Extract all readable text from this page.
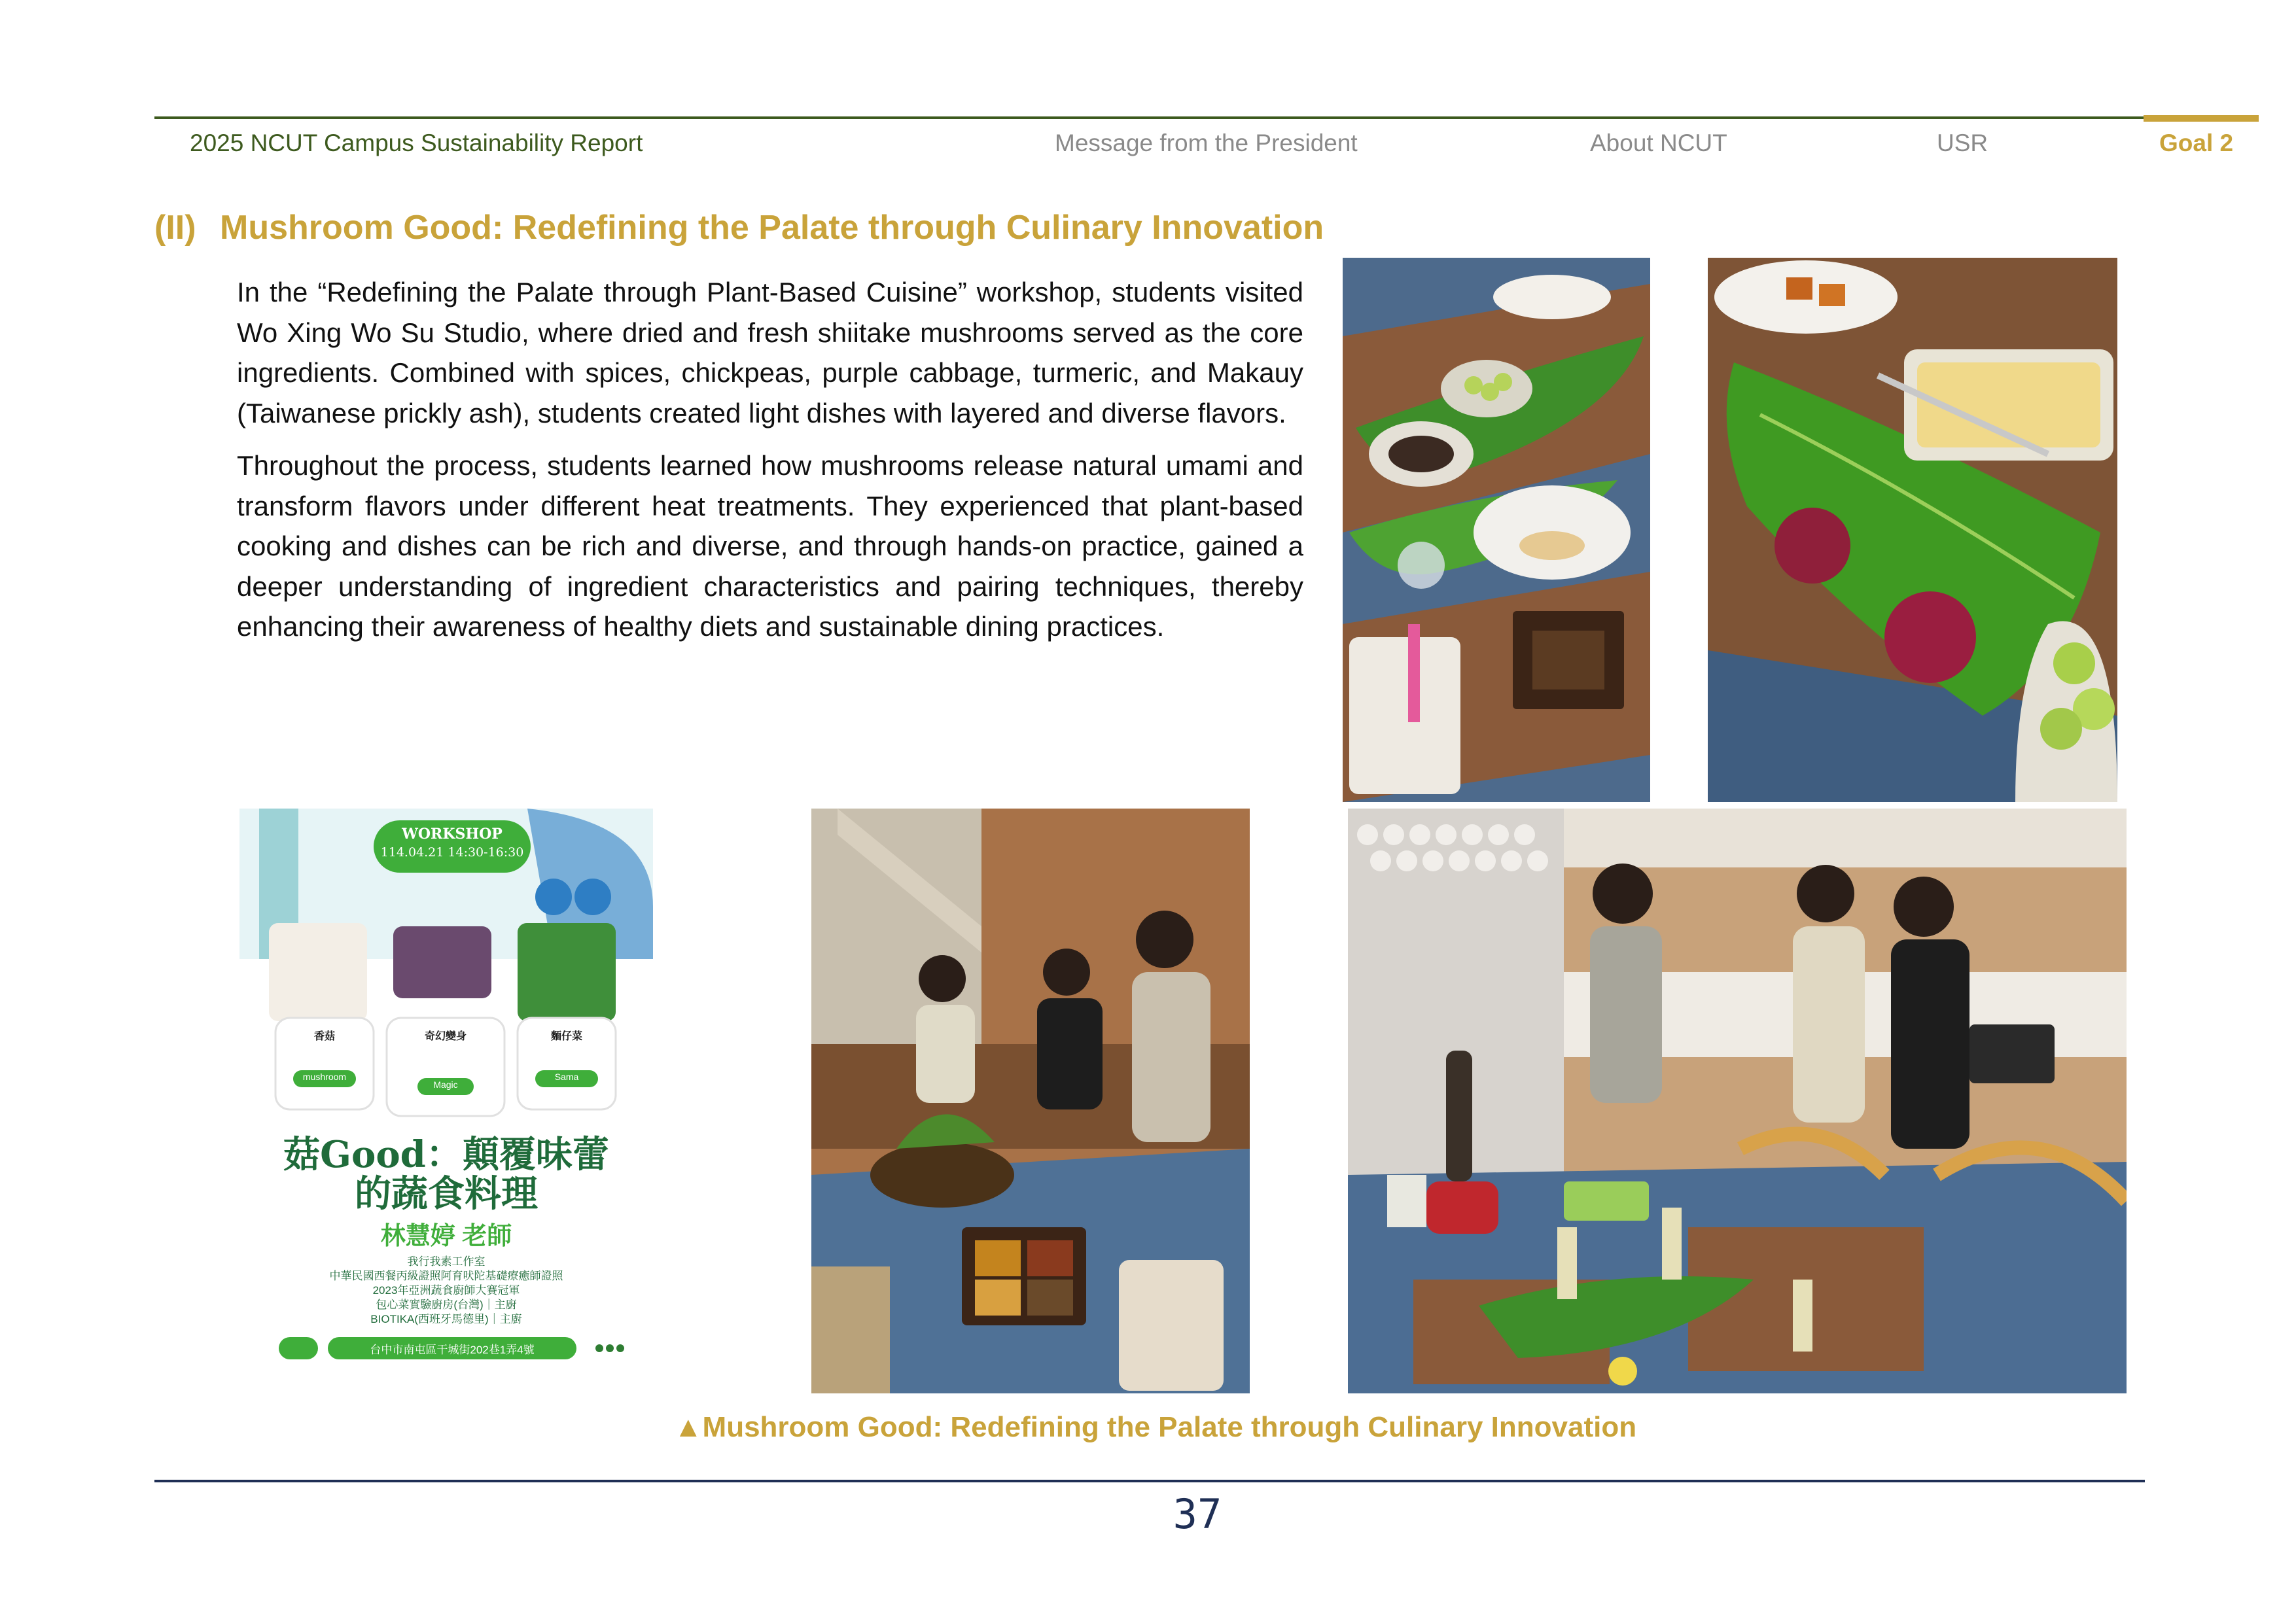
2025 NCUT Campus Sustainability Report	Message from the President	About NCUT	USR	Goal 2
(II) Mushroom Good: Redefining the Palate through Culinary Innovation

In the “Redefining the Palate through Plant-Based Cuisine” workshop, students visited Wo Xing Wo Su Studio, where dried and fresh shiitake mushrooms served as the core ingredients. Combined with spices, chickpeas, purple cabbage, turmeric, and Makauy (Taiwanese prickly ash), students created light dishes with layered and diverse flavors.

Throughout the process, students learned how mushrooms release natural umami and transform flavors under different heat treatments. They experienced that plant-based cooking and dishes can be rich and diverse, and through hands-on practice, gained a deeper understanding of ingredient characteristics and pairing techniques, thereby enhancing their awareness of healthy diets and sustainable dining practices.

WORKSHOP
114.04.21 14:30-16:30
香菇	奇幻變身	麵仔菜
mushroom
Magic
Sama
菇Good：顛覆味蕾
的蔬食料理
林慧婷 老師
我行我素工作室
中華民國西餐丙級證照阿育吠陀基礎療癒師證照
2023年亞洲蔬食廚師大賽冠軍
包心菜實驗廚房(台灣)｜主廚
BIOTIKA(西班牙馬德里)｜主廚
台中市南屯區干城街202巷1弄4號
▲Mushroom Good: Redefining the Palate through Culinary Innovation
37
